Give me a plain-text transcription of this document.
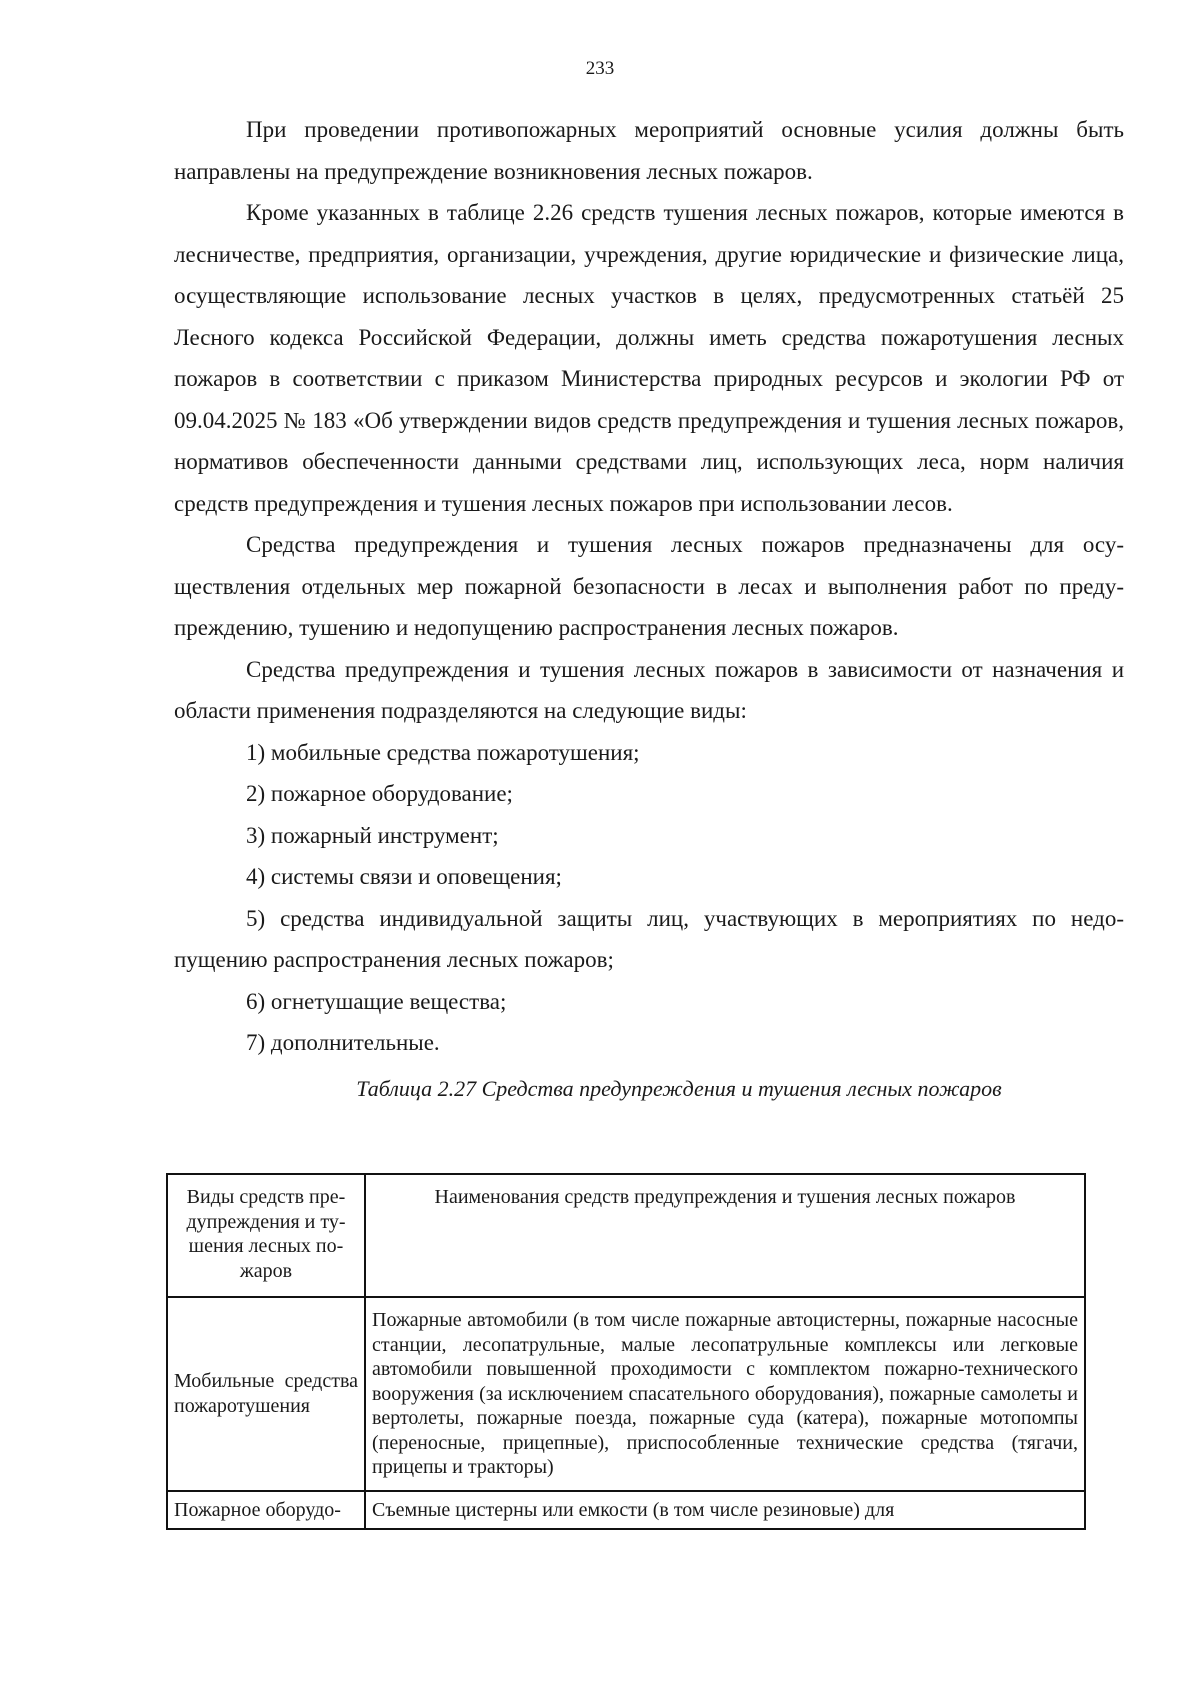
233

При проведении противопожарных мероприятий основные усилия должны быть направлены на предупреждение возникновения лесных пожаров.

Кроме указанных в таблице 2.26 средств тушения лесных пожаров, которые имеются в лесничестве, предприятия, организации, учреждения, другие юридические и физические лица, осуществляющие использование лесных участков в целях, предусмотренных статьёй 25 Лесного кодекса Российской Федерации, должны иметь средства пожаротушения лесных пожаров в соответствии с приказом Министерства природных ресурсов и экологии РФ от 09.04.2025 № 183 «Об утверждении видов средств предупреждения и тушения лесных пожаров, нормативов обеспеченности данными средствами лиц, использующих леса, норм наличия средств предупреждения и тушения лесных пожаров при использовании лесов.

Средства предупреждения и тушения лесных пожаров предназначены для осуществления отдельных мер пожарной безопасности в лесах и выполнения работ по предупреждению, тушению и недопущению распространения лесных пожаров.

Средства предупреждения и тушения лесных пожаров в зависимости от назначения и области применения подразделяются на следующие виды:

1) мобильные средства пожаротушения;

2) пожарное оборудование;

3) пожарный инструмент;

4) системы связи и оповещения;

5) средства индивидуальной защиты лиц, участвующих в мероприятиях по недопущению распространения лесных пожаров;

6) огнетушащие вещества;

7) дополнительные.

Таблица 2.27 Средства предупреждения и тушения лесных пожаров

Виды средств предупреждения и тушения лесных пожаров	Наименования средств предупреждения и тушения лесных пожаров

Мобильные средства пожаротушения	Пожарные автомобили (в том числе пожарные автоцистерны, пожарные насосные станции, лесопатрульные, малые лесопатрульные комплексы или легковые автомобили повышенной проходимости с комплектом пожарно-технического вооружения (за исключением спасательного оборудования), пожарные самолеты и вертолеты, пожарные поезда, пожарные суда (катера), пожарные мотопомпы (переносные, прицепные), приспособленные технические средства (тягачи, прицепы и тракторы)
Пожарное оборудо-	Съемные цистерны или емкости (в том числе резиновые) для
